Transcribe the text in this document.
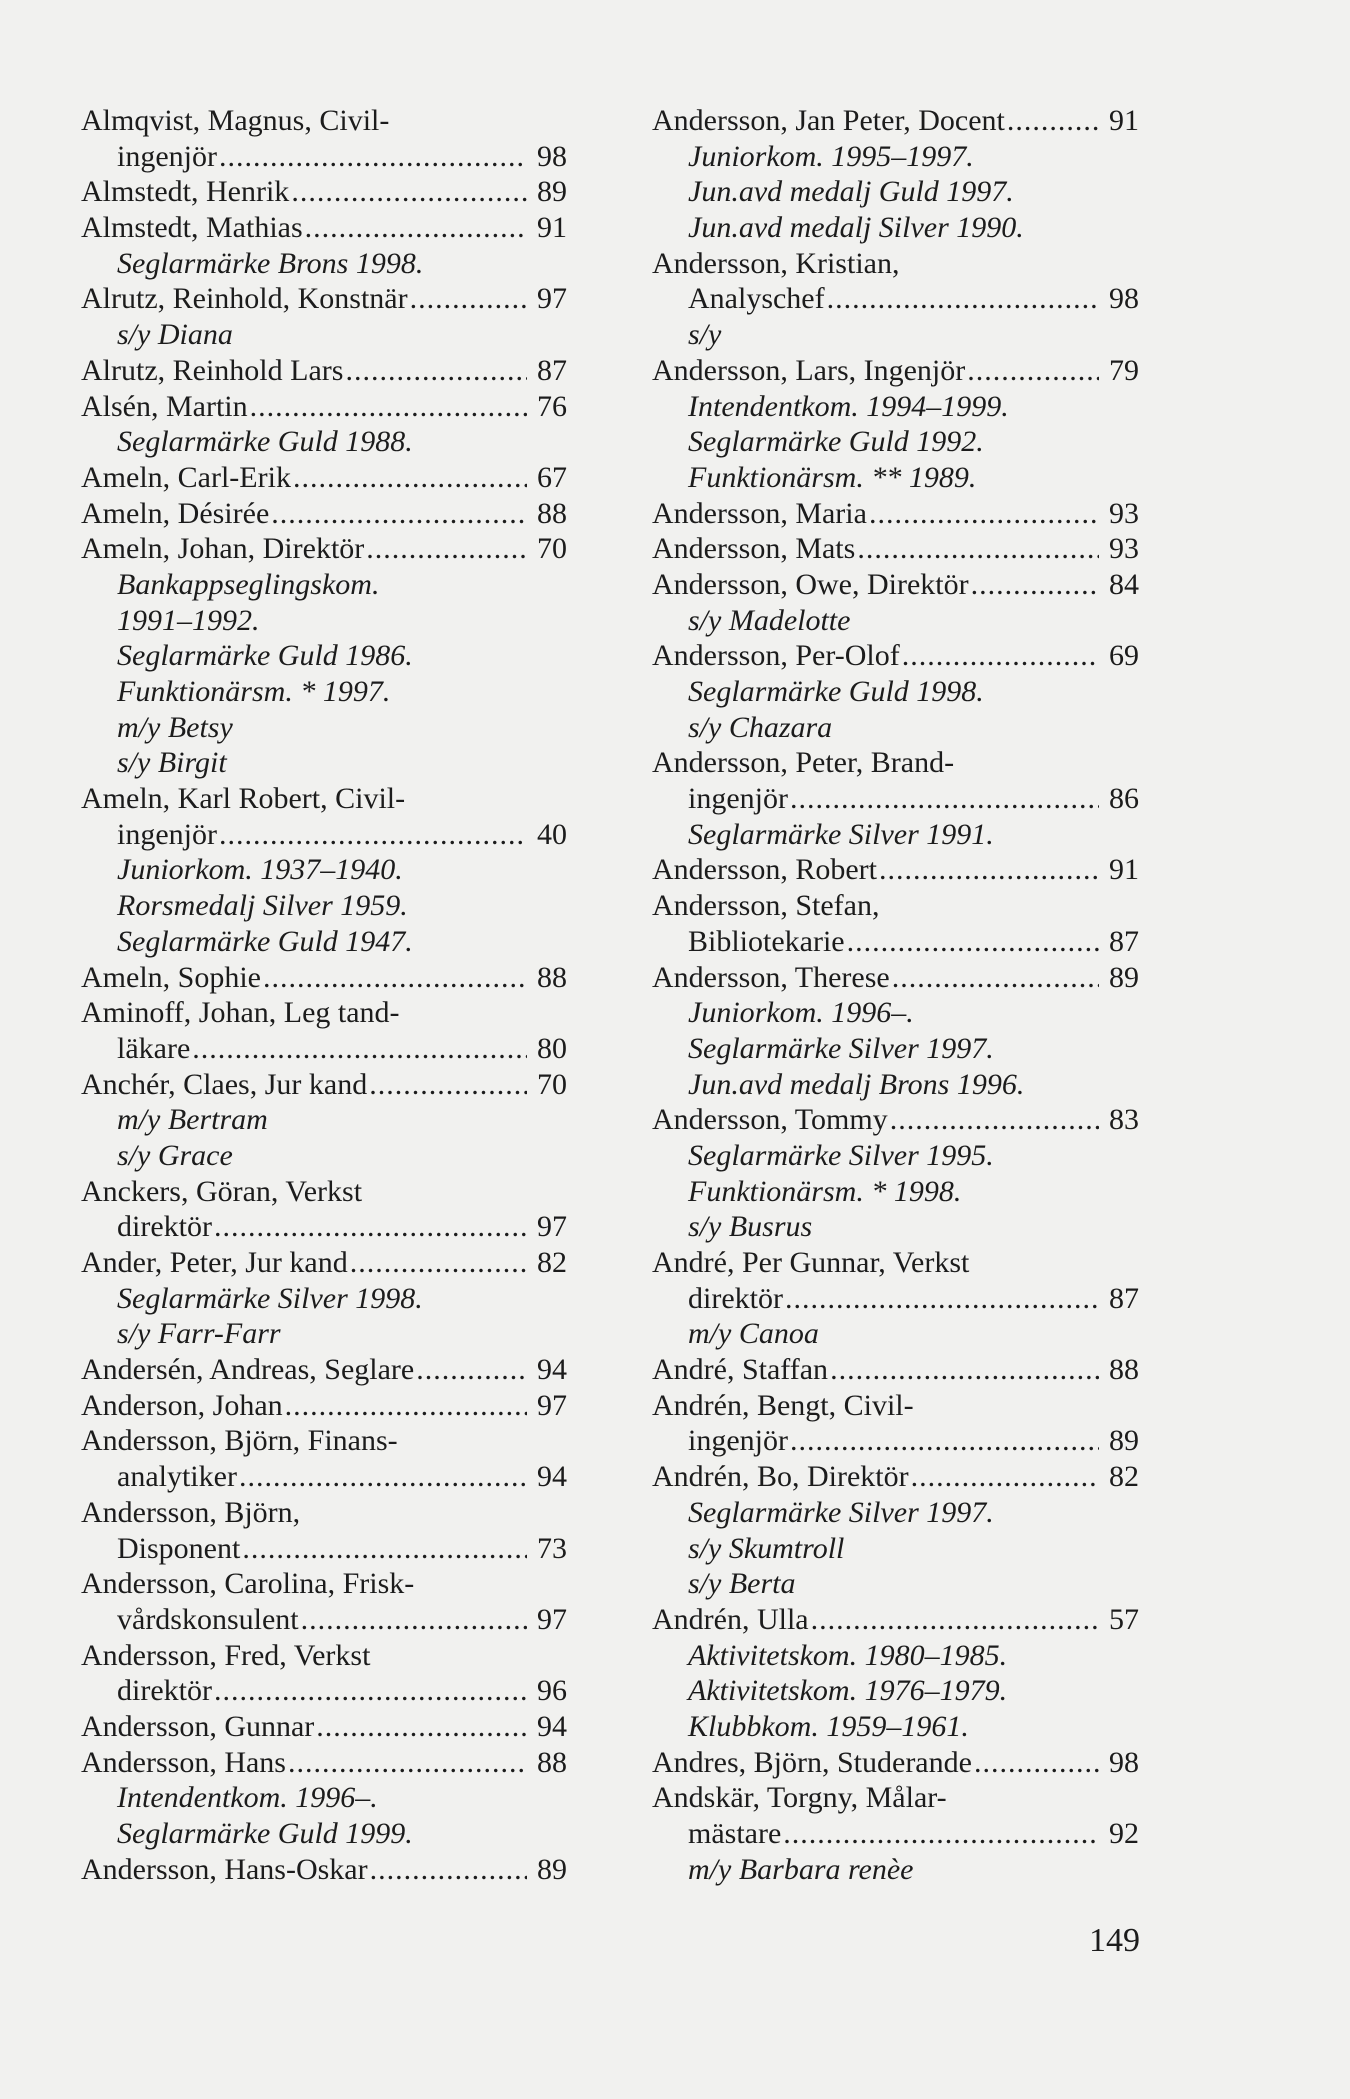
Almqvist, Magnus, Civil-
ingenjör .....	98
Almstedt, Henrik .....	89
Almstedt, Mathias .....	91
Seglarmärke Brons 1998.
Alrutz, Reinhold, Konstnär .....	97
s/y Diana
Alrutz, Reinhold Lars .....	87
Alsén, Martin .....	76
Seglarmärke Guld 1988.
Ameln, Carl-Erik .....	67
Ameln, Désirée .....	88
Ameln, Johan, Direktör .....	70
Bankappseglingskom.
1991–1992.
Seglarmärke Guld 1986.
Funktionärsm. * 1997.
m/y Betsy
s/y Birgit
Ameln, Karl Robert, Civil-
ingenjör .....	40
Juniorkom. 1937–1940.
Rorsmedalj Silver 1959.
Seglarmärke Guld 1947.
Ameln, Sophie .....	88
Aminoff, Johan, Leg tand-
läkare .....	80
Anchér, Claes, Jur kand .....	70
m/y Bertram
s/y Grace
Anckers, Göran, Verkst
direktör .....	97
Ander, Peter, Jur kand .....	82
Seglarmärke Silver 1998.
s/y Farr-Farr
Andersén, Andreas, Seglare .....	94
Anderson, Johan .....	97
Andersson, Björn, Finans-
analytiker .....	94
Andersson, Björn,
Disponent .....	73
Andersson, Carolina, Frisk-
vårdskonsulent .....	97
Andersson, Fred, Verkst
direktör .....	96
Andersson, Gunnar .....	94
Andersson, Hans .....	88
Intendentkom. 1996–.
Seglarmärke Guld 1999.
Andersson, Hans-Oskar .....	89
Andersson, Jan Peter, Docent .....	91
Juniorkom. 1995–1997.
Jun.avd medalj Guld 1997.
Jun.avd medalj Silver 1990.
Andersson, Kristian,
Analyschef .....	98
s/y
Andersson, Lars, Ingenjör .....	79
Intendentkom. 1994–1999.
Seglarmärke Guld 1992.
Funktionärsm. ** 1989.
Andersson, Maria .....	93
Andersson, Mats .....	93
Andersson, Owe, Direktör .....	84
s/y Madelotte
Andersson, Per-Olof .....	69
Seglarmärke Guld 1998.
s/y Chazara
Andersson, Peter, Brand-
ingenjör .....	86
Seglarmärke Silver 1991.
Andersson, Robert .....	91
Andersson, Stefan,
Bibliotekarie .....	87
Andersson, Therese .....	89
Juniorkom. 1996–.
Seglarmärke Silver 1997.
Jun.avd medalj Brons 1996.
Andersson, Tommy .....	83
Seglarmärke Silver 1995.
Funktionärsm. * 1998.
s/y Busrus
André, Per Gunnar, Verkst
direktör .....	87
m/y Canoa
André, Staffan .....	88
Andrén, Bengt, Civil-
ingenjör .....	89
Andrén, Bo, Direktör .....	82
Seglarmärke Silver 1997.
s/y Skumtroll
s/y Berta
Andrén, Ulla .....	57
Aktivitetskom. 1980–1985.
Aktivitetskom. 1976–1979.
Klubbkom. 1959–1961.
Andres, Björn, Studerande .....	98
Andskär, Torgny, Målar-
mästare .....	92
m/y Barbara renèe
149
